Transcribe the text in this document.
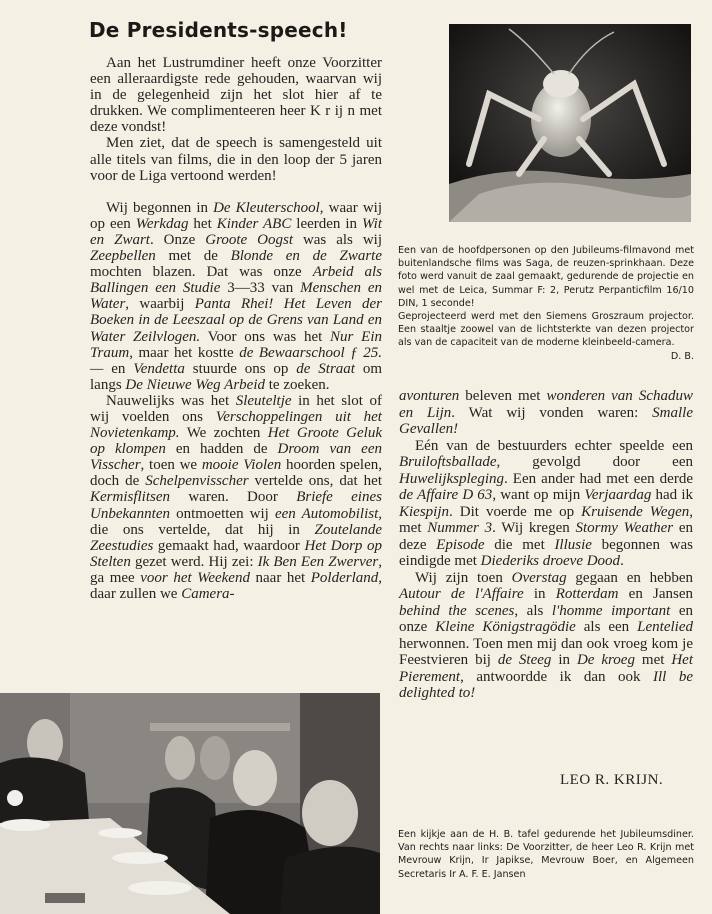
De Presidents-speech!

Aan het Lustrumdiner heeft onze Voorzitter een alleraardigste rede gehouden, waarvan wij in de gelegenheid zijn het slot hier af te drukken. We complimenteeren heer K r ij n met deze vondst!

Men ziet, dat de speech is samengesteld uit alle titels van films, die in den loop der 5 jaren voor de Liga vertoond werden!

Wij begonnen in De Kleuterschool, waar wij op een Werkdag het Kinder ABC leerden in Wit en Zwart. Onze Groote Oogst was als wij Zeepbellen met de Blonde en de Zwarte mochten blazen. Dat was onze Arbeid als Ballingen een Studie 3—33 van Menschen en Water, waarbij Panta Rhei! Het Leven der Boeken in de Leeszaal op de Grens van Land en Water Zeilvlogen. Voor ons was het Nur Ein Traum, maar het kostte de Bewaarschool ƒ 25.— en Vendetta stuurde ons op de Straat om langs De Nieuwe Weg Arbeid te zoeken.

Nauwelijks was het Sleuteltje in het slot of wij voelden ons Verschoppelingen uit het Novietenkamp. We zochten Het Groote Geluk op klompen en hadden de Droom van een Visscher, toen we mooie Violen hoorden spelen, doch de Schelpenvisscher vertelde ons, dat het Kermisflitsen waren. Door Briefe eines Unbekannten ontmoetten wij een Automobilist, die ons vertelde, dat hij in Zoutelande Zeestudies gemaakt had, waardoor Het Dorp op Stelten gezet werd. Hij zei: Ik Ben Een Zwerver, ga mee voor het Weekend naar het Polderland, daar zullen we Camera-

Een van de hoofdpersonen op den Jubileums-filmavond met buitenlandsche films was Saga, de reuzen-sprinkhaan. Deze foto werd vanuit de zaal gemaakt, gedurende de projectie en wel met de Leica, Summar F: 2, Perutz Perpanticfilm 16/10 DIN, 1 seconde!

Geprojecteerd werd met den Siemens Groszraum projector. Een staaltje zoowel van de lichtsterkte van dezen projector als van de capaciteit van de moderne kleinbeeld-camera.

D. B.

avonturen beleven met wonderen van Schaduw en Lijn. Wat wij vonden waren: Smalle Gevallen!

Eén van de bestuurders echter speelde een Bruiloftsballade, gevolgd door een Huwelijkspleging. Een ander had met een derde de Affaire D 63, want op mijn Verjaardag had ik Kiespijn. Dit voerde me op Kruisende Wegen, met Nummer 3. Wij kregen Stormy Weather en deze Episode die met Illusie begonnen was eindigde met Diederiks droeve Dood.

Wij zijn toen Overstag gegaan en hebben Autour de l'Affaire in Rotterdam en Jansen behind the scenes, als l'homme important en onze Kleine Königstragödie als een Lentelied herwonnen. Toen men mij dan ook vroeg kom je Feestvieren bij de Steeg in De kroeg met Het Pierement, antwoordde ik dan ook Ill be delighted to!

LEO R. KRIJN.

Een kijkje aan de H. B. tafel gedurende het Jubileumsdiner. Van rechts naar links: De Voorzitter, de heer Leo R. Krijn met Mevrouw Krijn, Ir Japikse, Mevrouw Boer, en Algemeen Secretaris Ir A. F. E. Jansen
